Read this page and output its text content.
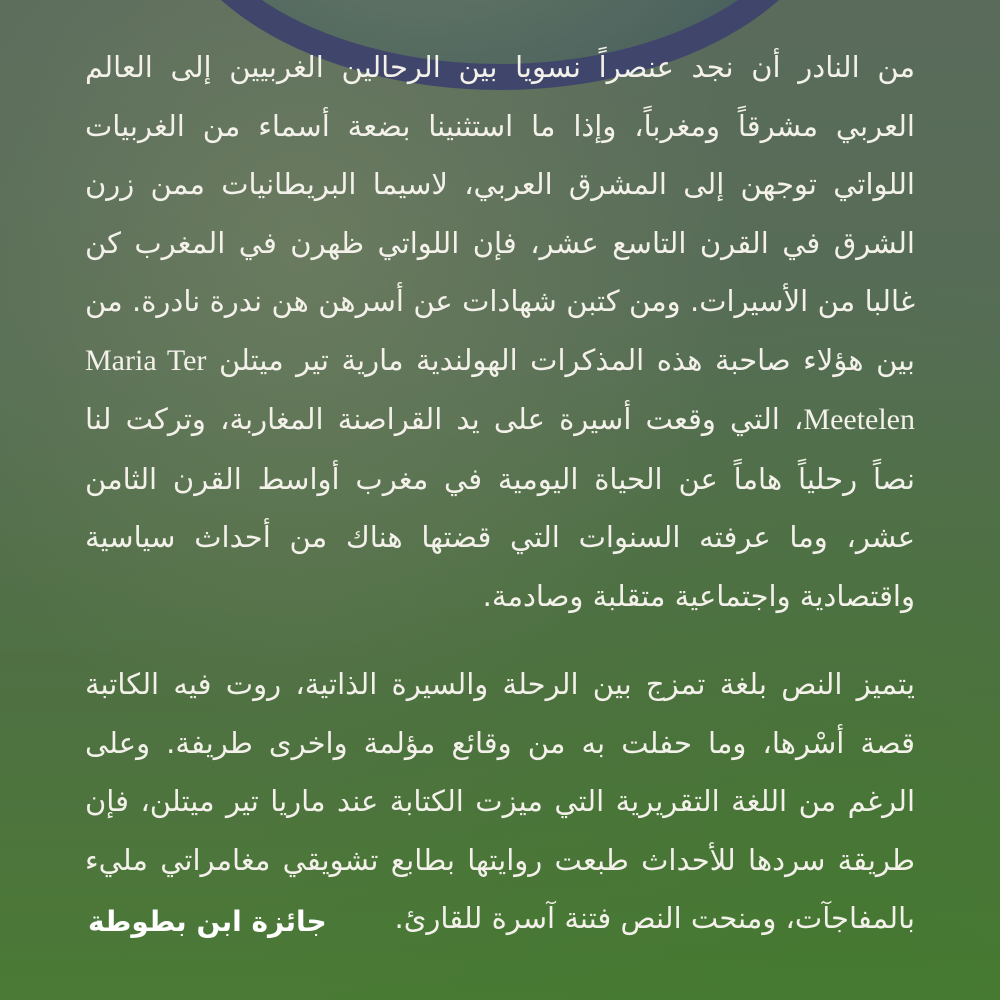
من النادر أن نجد عنصراً نسويا بين الرحالين الغربيين إلى العالم العربي مشرقاً ومغرباً، وإذا ما استثنينا بضعة أسماء من الغربيات اللواتي توجهن إلى المشرق العربي، لاسيما البريطانيات ممن زرن الشرق في القرن التاسع عشر، فإن اللواتي ظهرن في المغرب كن غالبا من الأسيرات. ومن كتبن شهادات عن أسرهن هن ندرة نادرة. من بين هؤلاء صاحبة هذه المذكرات الهولندية مارية تير ميتلن Maria Ter Meetelen، التي وقعت أسيرة على يد القراصنة المغاربة، وتركت لنا نصاً رحلياً هاماً عن الحياة اليومية في مغرب أواسط القرن الثامن عشر، وما عرفته السنوات التي قضتها هناك من أحداث سياسية واقتصادية واجتماعية متقلبة وصادمة.

يتميز النص بلغة تمزج بين الرحلة والسيرة الذاتية، روت فيه الكاتبة قصة أسْرها، وما حفلت به من وقائع مؤلمة واخرى طريفة. وعلى الرغم من اللغة التقريرية التي ميزت الكتابة عند ماريا تير ميتلن، فإن طريقة سردها للأحداث طبعت روايتها بطابع تشويقي مغامراتي مليء بالمفاجآت، ومنحت النص فتنة آسرة للقارئ.

جائزة ابن بطوطة
